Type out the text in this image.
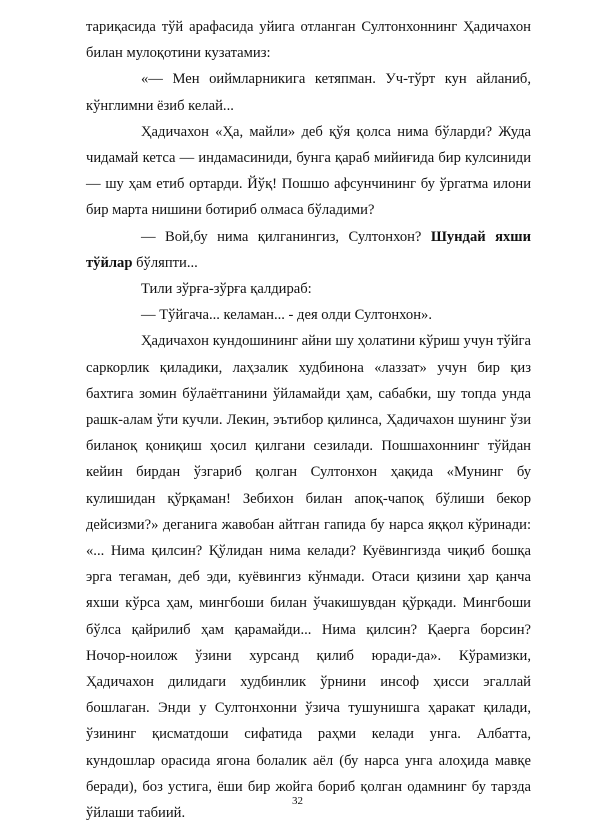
тариқасида тўй арафасида уйига отланган Султонхоннинг Ҳадичахон билан мулоқотини кузатамиз:

«— Мен оиймларникига кетяпман. Уч-тўрт кун айланиб, кўнглимни ёзиб келай...

Ҳадичахон «Ҳа, майли» деб қўя қолса нима бўларди? Жуда чидамай кетса — индамасиниди, бунга қараб мийиғида бир кулсиниди — шу ҳам етиб ортарди. Йўқ! Пошшо афсунчининг бу ўргатма илони бир марта нишини ботириб олмаса бўладими?

— Вой,бу нима қилганингиз, Султонхон? Шундай яхши тўйлар бўляпти...

Тили зўрға-зўрға қалдираб:

— Тўйгача... келаман... - дея олди Султонхон».

Ҳадичахон кундошининг айни шу ҳолатини кўриш учун тўйга саркорлик қиладики, лаҳзалик худбинона «лаззат» учун бир қиз бахтига зомин бўлаётганини ўйламайди ҳам, сабабки, шу топда унда рашк-алам ўти кучли. Лекин, эътибор қилинса, Ҳадичахон шунинг ўзи биланоқ қониқиш ҳосил қилгани сезилади. Пошшахоннинг тўйдан кейин бирдан ўзгариб қолган Султонхон ҳақида «Мунинг бу кулишидан қўрқаман! Зебихон билан апоқ-чапоқ бўлиши бекор дейсизми?» деганига жавобан айтган гапида бу нарса яққол кўринади: «... Нима қилсин? Қўлидан нима келади? Куёвингизда чиқиб бошқа эрга тегаман, деб эди, куёвингиз кўнмади. Отаси қизини ҳар қанча яхши кўрса ҳам, мингбоши билан ўчакишувдан қўрқади. Мингбоши бўлса қайрилиб ҳам қарамайди... Нима қилсин? Қаерга борсин? Ночор-ноилож ўзини хурсанд қилиб юради-да». Кўрамизки, Ҳадичахон дилидаги худбинлик ўрнини инсоф ҳисси эгаллай бошлаган. Энди у Султонхонни ўзича тушунишга ҳаракат қилади, ўзининг қисматдоши сифатида раҳми келади унга. Албатта, кундошлар орасида ягона болалик аёл (бу нарса унга алоҳида мавқе беради), боз устига, ёши бир жойга бориб қолган одамнинг бу тарзда ўйлаши табиий.

32
